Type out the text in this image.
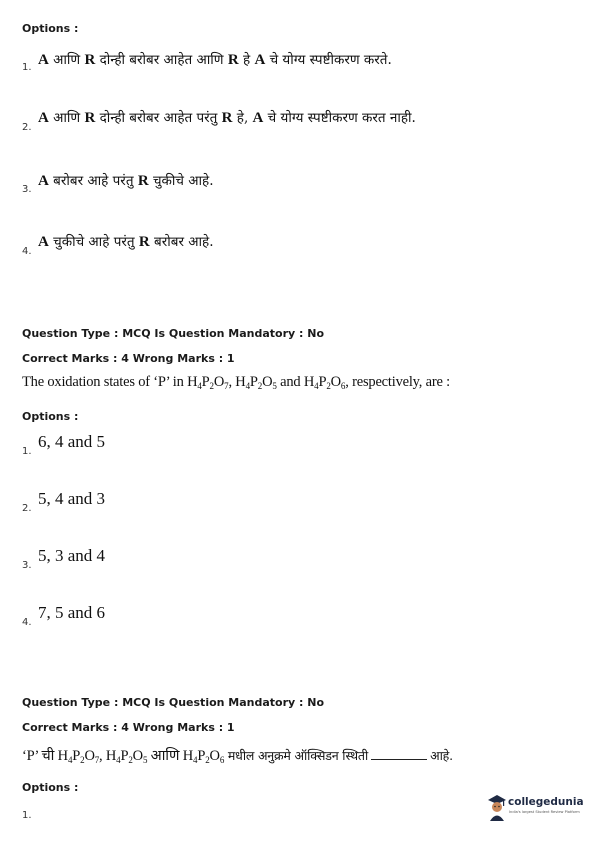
Options :
1. A आणि R दोन्ही बरोबर आहेत आणि R हे A चे योग्य स्पष्टीकरण करते.
2.
A आणि R दोन्ही बरोबर आहेत परंतु R हे, A चे योग्य स्पष्टीकरण करत नाही.
3.
A बरोबर आहे परंतु R चुकीचे आहे.
4.
A चुकीचे आहे परंतु R बरोबर आहे.
Question Type : MCQ Is Question Mandatory : No
Correct Marks : 4 Wrong Marks : 1
The oxidation states of ‘P’ in $H_4P_2O_7$, $H_4P_2O_5$ and $H_4P_2O_6$, respectively, are :
Options :
1.
6, 4 and 5
2.
5, 4 and 3
3.
5, 3 and 4
4.
7, 5 and 6
Question Type : MCQ Is Question Mandatory : No
Correct Marks : 4 Wrong Marks : 1
‘P’ ची $H_4P_2O_7$, $H_4P_2O_5$ आणि $H_4P_2O_6$ मधील अनुक्रमे ऑक्सिडन स्थिती	आहे.
Options :
1.
collegedunia
India's largest Student Review Platform
